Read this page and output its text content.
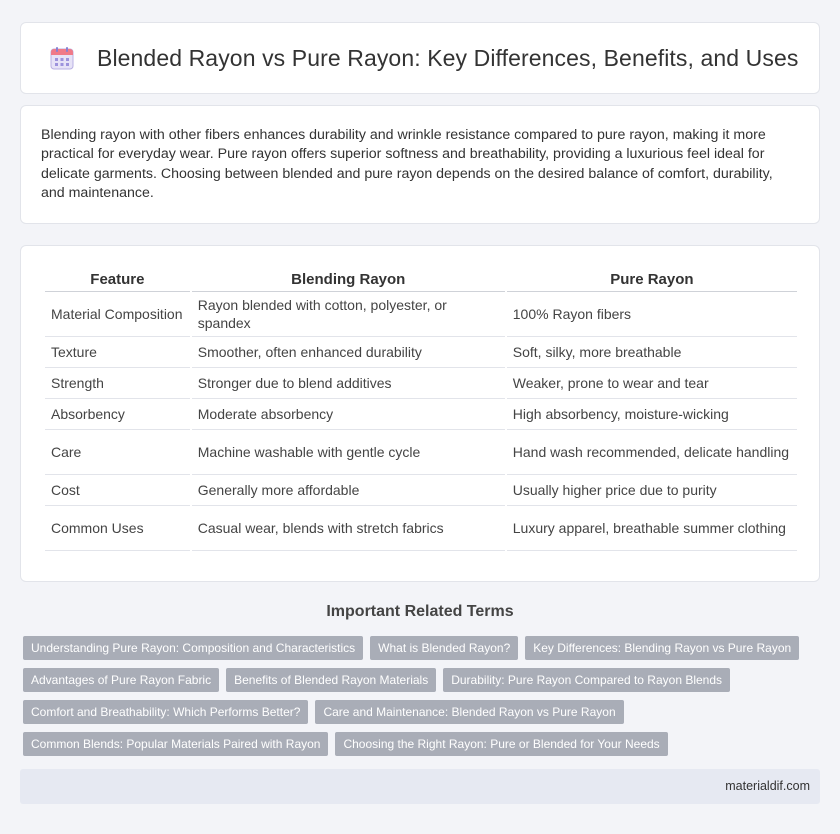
Blended Rayon vs Pure Rayon: Key Differences, Benefits, and Uses

Blending rayon with other fibers enhances durability and wrinkle resistance compared to pure rayon, making it more practical for everyday wear. Pure rayon offers superior softness and breathability, providing a luxurious feel ideal for delicate garments. Choosing between blended and pure rayon depends on the desired balance of comfort, durability, and maintenance.

Feature	Blending Rayon	Pure Rayon
Material Composition	Rayon blended with cotton, polyester, or spandex	100% Rayon fibers
Texture	Smoother, often enhanced durability	Soft, silky, more breathable
Strength	Stronger due to blend additives	Weaker, prone to wear and tear
Absorbency	Moderate absorbency	High absorbency, moisture-wicking
Care	Machine washable with gentle cycle	Hand wash recommended, delicate handling
Cost	Generally more affordable	Usually higher price due to purity
Common Uses	Casual wear, blends with stretch fabrics	Luxury apparel, breathable summer clothing
Important Related Terms
Understanding Pure Rayon: Composition and Characteristics	What is Blended Rayon?	Key Differences: Blending Rayon vs Pure Rayon
Advantages of Pure Rayon Fabric	Benefits of Blended Rayon Materials	Durability: Pure Rayon Compared to Rayon Blends
Comfort and Breathability: Which Performs Better?	Care and Maintenance: Blended Rayon vs Pure Rayon
Common Blends: Popular Materials Paired with Rayon	Choosing the Right Rayon: Pure or Blended for Your Needs
materialdif.com
